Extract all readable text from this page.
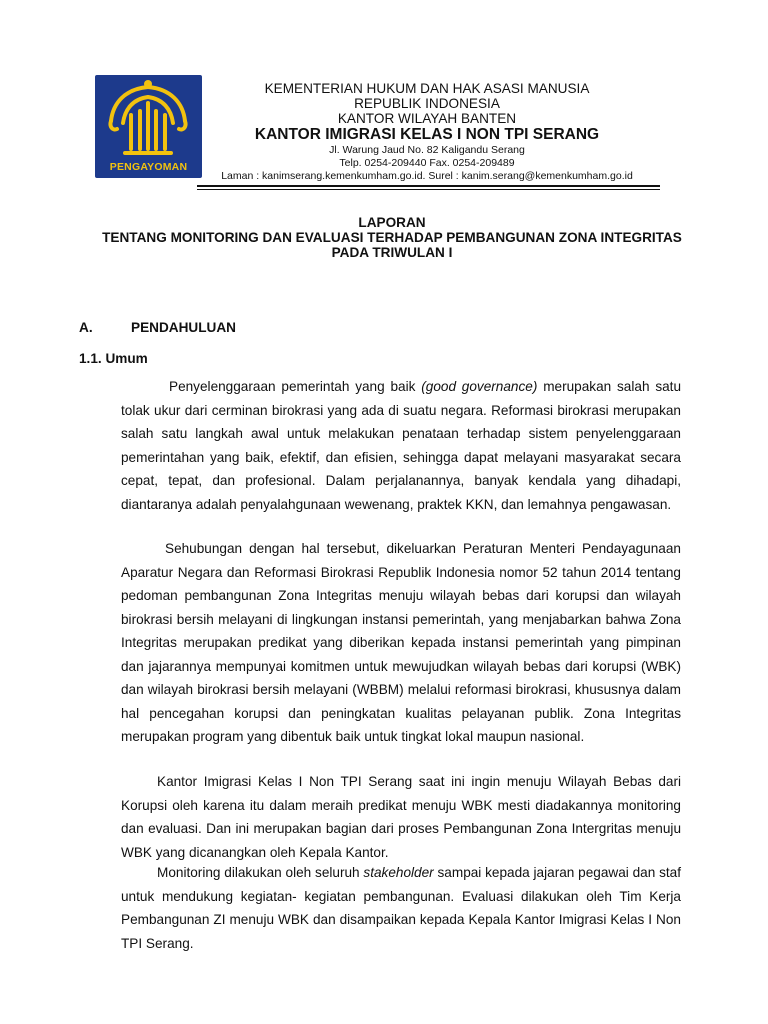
PENGAYOMAN
KEMENTERIAN HUKUM DAN HAK ASASI MANUSIA
REPUBLIK INDONESIA
KANTOR WILAYAH BANTEN
KANTOR IMIGRASI KELAS I NON TPI SERANG
Jl. Warung Jaud No. 82 Kaligandu Serang
Telp. 0254-209440 Fax. 0254-209489
Laman : kanimserang.kemenkumham.go.id. Surel : kanim.serang@kemenkumham.go.id
LAPORAN
TENTANG MONITORING DAN EVALUASI TERHADAP PEMBANGUNAN ZONA INTEGRITAS
PADA TRIWULAN I
A.	PENDAHULUAN
1.1. Umum

Penyelenggaraan pemerintah yang baik (good governance) merupakan salah satu tolak ukur dari cerminan birokrasi yang ada di suatu negara. Reformasi birokrasi merupakan salah satu langkah awal untuk melakukan penataan terhadap sistem penyelenggaraan pemerintahan yang baik, efektif, dan efisien, sehingga dapat melayani masyarakat secara cepat, tepat, dan profesional. Dalam perjalanannya, banyak kendala yang dihadapi, diantaranya adalah penyalahgunaan wewenang, praktek KKN, dan lemahnya pengawasan.

Sehubungan dengan hal tersebut, dikeluarkan Peraturan Menteri Pendayagunaan Aparatur Negara dan Reformasi Birokrasi Republik Indonesia nomor 52 tahun 2014 tentang pedoman pembangunan Zona Integritas menuju wilayah bebas dari korupsi dan wilayah birokrasi bersih melayani di lingkungan instansi pemerintah, yang menjabarkan bahwa Zona Integritas merupakan predikat yang diberikan kepada instansi pemerintah yang pimpinan dan jajarannya mempunyai komitmen untuk mewujudkan wilayah bebas dari korupsi (WBK) dan wilayah birokrasi bersih melayani (WBBM) melalui reformasi birokrasi, khususnya dalam hal pencegahan korupsi dan peningkatan kualitas pelayanan publik. Zona Integritas merupakan program yang dibentuk baik untuk tingkat lokal maupun nasional.

Kantor Imigrasi Kelas I Non TPI Serang saat ini ingin menuju Wilayah Bebas dari Korupsi oleh karena itu dalam meraih predikat menuju WBK mesti diadakannya monitoring dan evaluasi. Dan ini merupakan bagian dari proses Pembangunan Zona Intergritas menuju WBK yang dicanangkan oleh Kepala Kantor.

Monitoring dilakukan oleh seluruh stakeholder sampai kepada jajaran pegawai dan staf untuk mendukung kegiatan- kegiatan pembangunan. Evaluasi dilakukan oleh Tim Kerja Pembangunan ZI menuju WBK dan disampaikan kepada Kepala Kantor Imigrasi Kelas I Non TPI Serang.
